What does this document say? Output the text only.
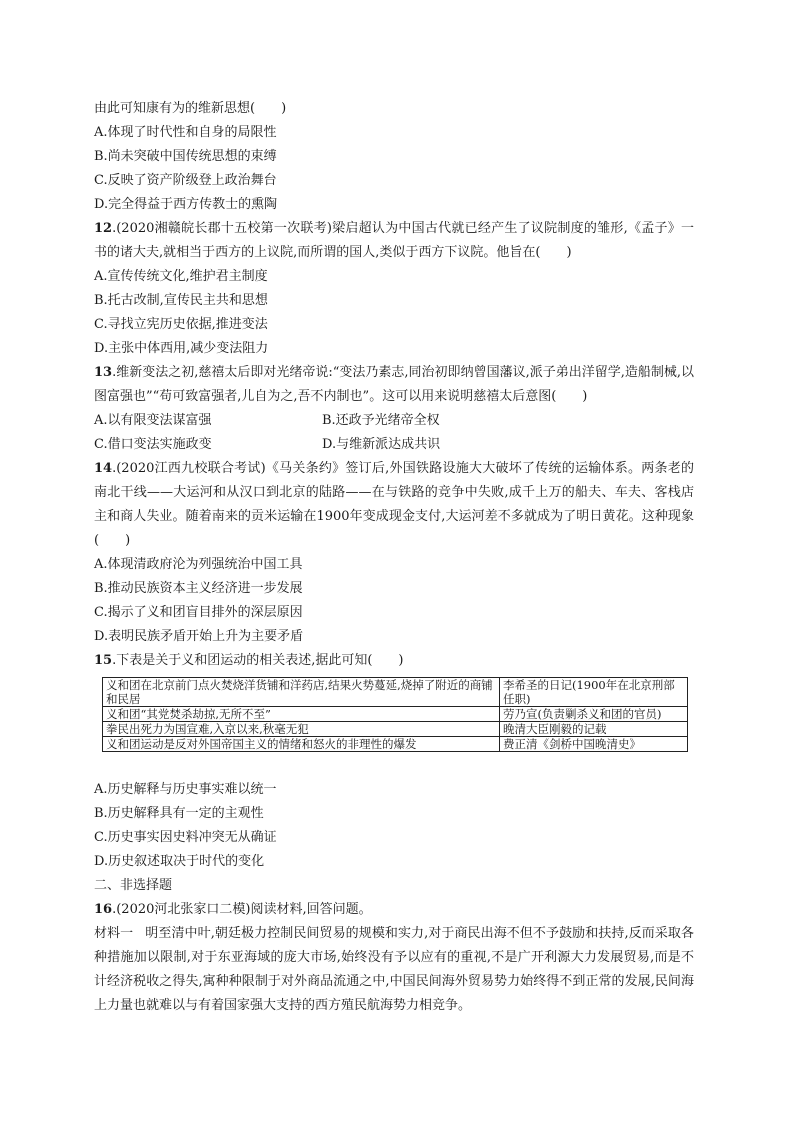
由此可知康有为的维新思想(　　)
A.体现了时代性和自身的局限性
B.尚未突破中国传统思想的束缚
C.反映了资产阶级登上政治舞台
D.完全得益于西方传教士的熏陶
12.(2020湘赣皖长郡十五校第一次联考)梁启超认为中国古代就已经产生了议院制度的雏形,《孟子》一书的诸大夫,就相当于西方的上议院,而所谓的国人,类似于西方下议院。他旨在(　　)
A.宣传传统文化,维护君主制度
B.托古改制,宣传民主共和思想
C.寻找立宪历史依据,推进变法
D.主张中体西用,减少变法阻力
13.维新变法之初,慈禧太后即对光绪帝说:“变法乃素志,同治初即纳曾国藩议,派子弟出洋留学,造船制械,以图富强也”“苟可致富强者,儿自为之,吾不内制也”。这可以用来说明慈禧太后意图(　　)
A.以有限变法谋富强	B.还政予光绪帝全权
C.借口变法实施政变	D.与维新派达成共识
14.(2020江西九校联合考试)《马关条约》签订后,外国铁路设施大大破坏了传统的运输体系。两条老的南北干线——大运河和从汉口到北京的陆路——在与铁路的竞争中失败,成千上万的船夫、车夫、客栈店主和商人失业。随着南来的贡米运输在1900年变成现金支付,大运河差不多就成为了明日黄花。这种现象(　　)
A.体现清政府沦为列强统治中国工具
B.推动民族资本主义经济进一步发展
C.揭示了义和团盲目排外的深层原因
D.表明民族矛盾开始上升为主要矛盾
15.下表是关于义和团运动的相关表述,据此可知(　　)
义和团在北京前门点火焚烧洋货铺和洋药店,结果火势蔓延,烧掉了附近的商铺和民居	李希圣的日记(1900年在北京刑部任职)
义和团“其党焚杀劫掠,无所不至”	劳乃宣(负责剿杀义和团的官员)
拳民出死力为国宣难,入京以来,秋毫无犯	晚清大臣刚毅的记载
义和团运动是反对外国帝国主义的情绪和怒火的非理性的爆发	费正清《剑桥中国晚清史》
A.历史解释与历史事实难以统一
B.历史解释具有一定的主观性
C.历史事实因史料冲突无从确证
D.历史叙述取决于时代的变化
二、非选择题
16.(2020河北张家口二模)阅读材料,回答问题。
材料一 明至清中叶,朝廷极力控制民间贸易的规模和实力,对于商民出海不但不予鼓励和扶持,反而采取各种措施加以限制,对于东亚海域的庞大市场,始终没有予以应有的重视,不是广开利源大力发展贸易,而是不计经济税收之得失,寓种种限制于对外商品流通之中,中国民间海外贸易势力始终得不到正常的发展,民间海上力量也就难以与有着国家强大支持的西方殖民航海势力相竞争。
